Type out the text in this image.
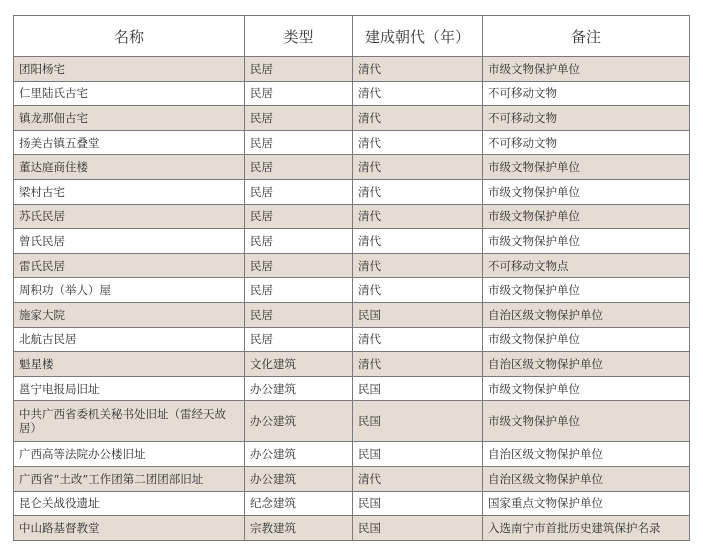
名称	类型	建成朝代（年）	备注
团阳杨宅	民居	清代	市级文物保护单位
仁里陆氏古宅	民居	清代	不可移动文物
镇龙那佃古宅	民居	清代	不可移动文物
扬美古镇五叠堂	民居	清代	不可移动文物
董达庭商住楼	民居	清代	市级文物保护单位
梁村古宅	民居	清代	市级文物保护单位
苏氏民居	民居	清代	市级文物保护单位
曾氏民居	民居	清代	市级文物保护单位
雷氏民居	民居	清代	不可移动文物点
周积功（举人）屋	民居	清代	市级文物保护单位
施家大院	民居	民国	自治区级文物保护单位
北航古民居	民居	清代	市级文物保护单位
魁星楼	文化建筑	清代	自治区级文物保护单位
邕宁电报局旧址	办公建筑	民国	市级文物保护单位
中共广西省委机关秘书处旧址（雷经天故居）	办公建筑	民国	市级文物保护单位
广西高等法院办公楼旧址	办公建筑	民国	自治区级文物保护单位
广西省“土改”工作团第二团团部旧址	办公建筑	清代	自治区级文物保护单位
昆仑关战役遗址	纪念建筑	民国	国家重点文物保护单位
中山路基督教堂	宗教建筑	民国	入选南宁市首批历史建筑保护名录
